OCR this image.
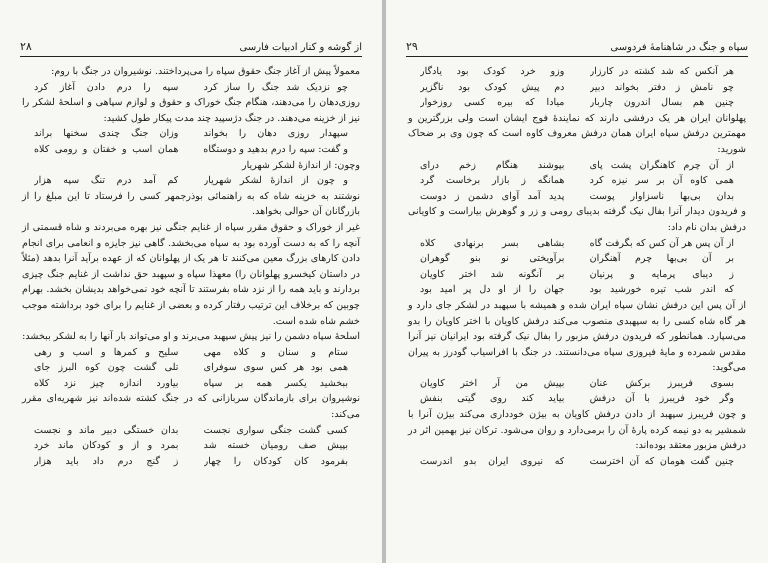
از گوشه و کنار ادبیات فارسی
۲۸

معمولاً پیش از آغاز جنگ حقوق سپاه را می‌پرداختند. نوشیروان در جنگ با روم:

چو نزدیک شد جنگ را ساز کرد
سپه را درم دادن آغاز کرد

روزی‌دهان را می‌دهند، هنگام جنگ خوراک و حقوق و لوازم سپاهی و اسلحهٔ لشکر را نیز از خزینه می‌دهند. در جنگ دژسپید چند مدت پیکار طول کشید:

سپهدار روزی دهان را بخواند
وزان جنگ چندی سخنها براند
و گفت: سپه را درم بدهید و دوستگاه
همان اسب و خفتان و رومی کلاه

وچون: از اندازهٔ لشکر شهریار

و چون از اندازهٔ لشکر شهریار
کم آمد درم تنگ سپه هزار

نوشتند به خزینه‌ شاه که به راهنمائی بوذرجمهر کسی را فرستاد تا این مبلغ را از بازرگانان آن حوالی بخواهد.

غیر از خوراک و حقوق مقرر سپاه از غنایم جنگی نیز بهره می‌بردند و شاه قسمتی از آنچه را که به دست آورده بود به سپاه می‌بخشد. گاهی نیز جایزه و انعامی برای انجام دادن کارهای بزرگ معین می‌کنند تا هر یک از پهلوانان که از عهده برآید آنرا بدهد (مثلاً در داستان کیخسرو پهلوانان را) معهذا سپاه و سپهبد حق نداشت از غنایم جنگ چیزی بردارند و باید همه را از نزد شاه بفرستند تا آنچه خود نمی‌خواهد بدیشان بخشد. بهرام چوبین که برخلاف این ترتیب رفتار کرده و بعضی از غنایم را برای خود برداشته موجب خشم شاه شده است.

اسلحهٔ سپاه دشمن را نیز پیش سپهبد می‌برند و او می‌تواند بار آنها را به لشکر ببخشد:

ستام و سنان و کلاه مهی
سلیح و کمرها و اسب و رهی
همی بود هر کس سوی سوفرای
تلی گشت چون کوه البرز جای
ببخشید یکسر همه بر سپاه
بیاورد اندازه چیز نزد کلاه

نوشیروان برای بازماندگان سربازانی که در جنگ کشته شده‌اند نیز شهریه‌ای مقرر می‌کند:

کسی گشت جنگی سواری نجست
بدان خستگی دبیر ماند و نجست
بپیش صف رومیان خسته شد
بمرد و از و کودکان ماند خرد
بفرمود کان کودکان را چهار
ز گنج درم داد باید هزار
سپاه و جنگ در شاهنامهٔ فردوسی
۲۹
هر آنکس که شد کشته در کارزار
وزو خرد کودک بود یادگار
چو نامش ز دفتر بخواند دبیر
دم پیش کودک بود ناگزیر
چنین هم بسال اندرون چاربار
میادا که بیره کسی روزخوار

پهلوانان ایران هر یک درفشی دارند که نمایندهٔ فوج ایشان است ولی بزرگترین و مهمترین درفش سپاه ایران همان درفش معروف کاوه است که چون وی بر ضحاک شورید:

از آن چرم کاهنگران پشت پای
بپوشند هنگام زخم درای
همی کاوه آن بر سر نیزه کرد
همانگه ز بازار برخاست گرد
بدان بی‌بها ناسزاوار پوست
پدید آمد آوای دشمن ز دوست

و فریدون دیدار آنرا بفال نیک گرفته بدیبای رومی و زر و گوهرش بیاراست و کاویانی درفش بدان نام داد:

از آن پس هر آن کس که بگرفت گاه
بشاهی بسر برنهادی کلاه
بر آن بی‌بها چرم آهنگران
برآویختی نو بنو گوهران
ز دیبای پرمایه و پرنیان
بر آنگونه شد اختر کاویان
که اندر شب تیره خورشید بود
جهان را از او دل پر امید بود

از آن پس این درفش نشان سپاه ایران شده و همیشه با سپهبد در لشکر جای دارد و هر گاه شاه کسی را به سپهبدی منصوب می‌کند درفش کاویان با اختر کاویان را بدو می‌سپارد. همانطور که فریدون درفش مزبور را بفال نیک گرفته بود ایرانیان نیز آنرا مقدس شمرده و مایهٔ فیروزی سپاه می‌دانستند. در جنگ با افراسیاب گودرز به‌ پیران می‌گوید:

بسوی فریبرز برکش عنان
بپیش من آر اختر کاویان
وگر خود فریبرز با آن درفش
بیاید کند روی گیتی بنفش

و چون فریبرز سپهبد از دادن درفش کاویان به‌ بیژن خودداری می‌کند بیژن آنرا با شمشیر به دو نیمه کرده پارهٔ آن را برمی‌دارد و روان می‌شود. ترکان نیز بهمین اثر در درفش مزبور معتقد بوده‌اند:

چنین گفت هومان که آن اخترست
که نیروی ایران بدو اندرست
